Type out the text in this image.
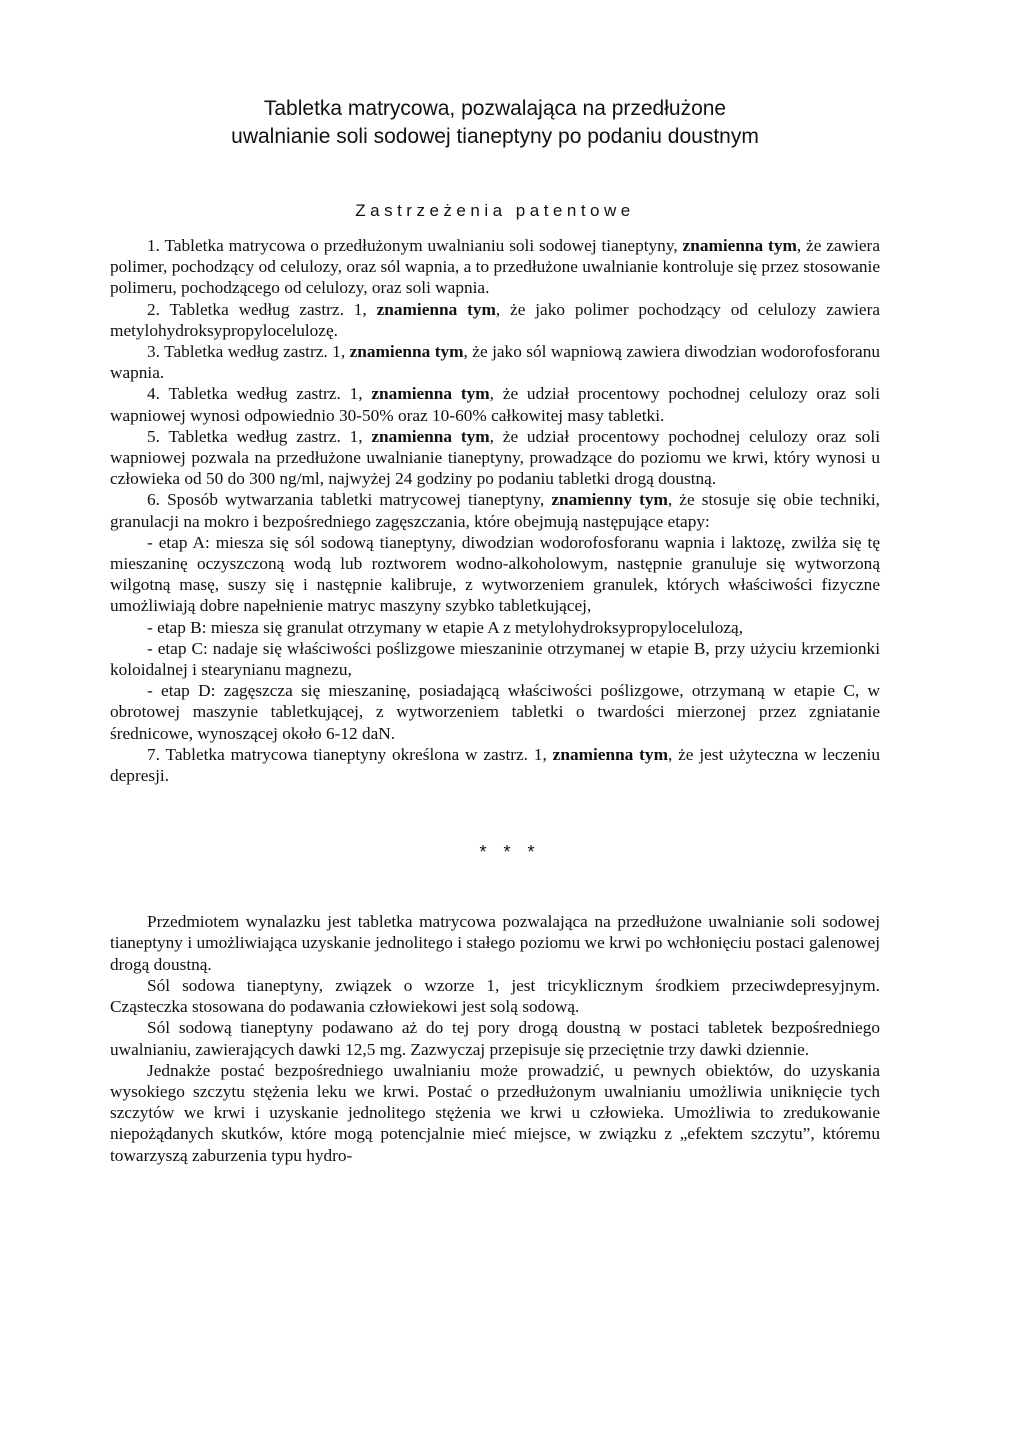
Tabletka matrycowa, pozwalająca na przedłużone
uwalnianie soli sodowej tianeptyny po podaniu doustnym
Zastrzeżenia patentowe

1. Tabletka matrycowa o przedłużonym uwalnianiu soli sodowej tianeptyny, znamienna tym, że zawiera polimer, pochodzący od celulozy, oraz sól wapnia, a to przedłużone uwalnianie kontroluje się przez stosowanie polimeru, pochodzącego od celulozy, oraz soli wapnia.

2. Tabletka według zastrz. 1, znamienna tym, że jako polimer pochodzący od celulozy zawiera metylohydroksypropylocelulozę.

3. Tabletka według zastrz. 1, znamienna tym, że jako sól wapniową zawiera diwodzian wodorofosforanu wapnia.

4. Tabletka według zastrz. 1, znamienna tym, że udział procentowy pochodnej celulozy oraz soli wapniowej wynosi odpowiednio 30-50% oraz 10-60% całkowitej masy tabletki.

5. Tabletka według zastrz. 1, znamienna tym, że udział procentowy pochodnej celulozy oraz soli wapniowej pozwala na przedłużone uwalnianie tianeptyny, prowadzące do poziomu we krwi, który wynosi u człowieka od 50 do 300 ng/ml, najwyżej 24 godziny po podaniu tabletki drogą doustną.

6. Sposób wytwarzania tabletki matrycowej tianeptyny, znamienny tym, że stosuje się obie techniki, granulacji na mokro i bezpośredniego zagęszczania, które obejmują następujące etapy:

- etap A: miesza się sól sodową tianeptyny, diwodzian wodorofosforanu wapnia i laktozę, zwilża się tę mieszaninę oczyszczoną wodą lub roztworem wodno-alkoholowym, następnie granuluje się wytworzoną wilgotną masę, suszy się i następnie kalibruje, z wytworzeniem granulek, których właściwości fizyczne umożliwiają dobre napełnienie matryc maszyny szybko tabletkującej,

- etap B: miesza się granulat otrzymany w etapie A z metylohydroksypropylocelulozą,

- etap C: nadaje się właściwości poślizgowe mieszaninie otrzymanej w etapie B, przy użyciu krzemionki koloidalnej i stearynianu magnezu,

- etap D: zagęszcza się mieszaninę, posiadającą właściwości poślizgowe, otrzymaną w etapie C, w obrotowej maszynie tabletkującej, z wytworzeniem tabletki o twardości mierzonej przez zgniatanie średnicowe, wynoszącej około 6-12 daN.

7. Tabletka matrycowa tianeptyny określona w zastrz. 1, znamienna tym, że jest użyteczna w leczeniu depresji.

* * *

Przedmiotem wynalazku jest tabletka matrycowa pozwalająca na przedłużone uwalnianie soli sodowej tianeptyny i umożliwiająca uzyskanie jednolitego i stałego poziomu we krwi po wchłonięciu postaci galenowej drogą doustną.

Sól sodowa tianeptyny, związek o wzorze 1, jest tricyklicznym środkiem przeciwdepresyjnym. Cząsteczka stosowana do podawania człowiekowi jest solą sodową.

Sól sodową tianeptyny podawano aż do tej pory drogą doustną w postaci tabletek bezpośredniego uwalnianiu, zawierających dawki 12,5 mg. Zazwyczaj przepisuje się przeciętnie trzy dawki dziennie.

Jednakże postać bezpośredniego uwalnianiu może prowadzić, u pewnych obiektów, do uzyskania wysokiego szczytu stężenia leku we krwi. Postać o przedłużonym uwalnianiu umożliwia uniknięcie tych szczytów we krwi i uzyskanie jednolitego stężenia we krwi u człowieka. Umożliwia to zredukowanie niepożądanych skutków, które mogą potencjalnie mieć miejsce, w związku z „efektem szczytu”, któremu towarzyszą zaburzenia typu hydro-
